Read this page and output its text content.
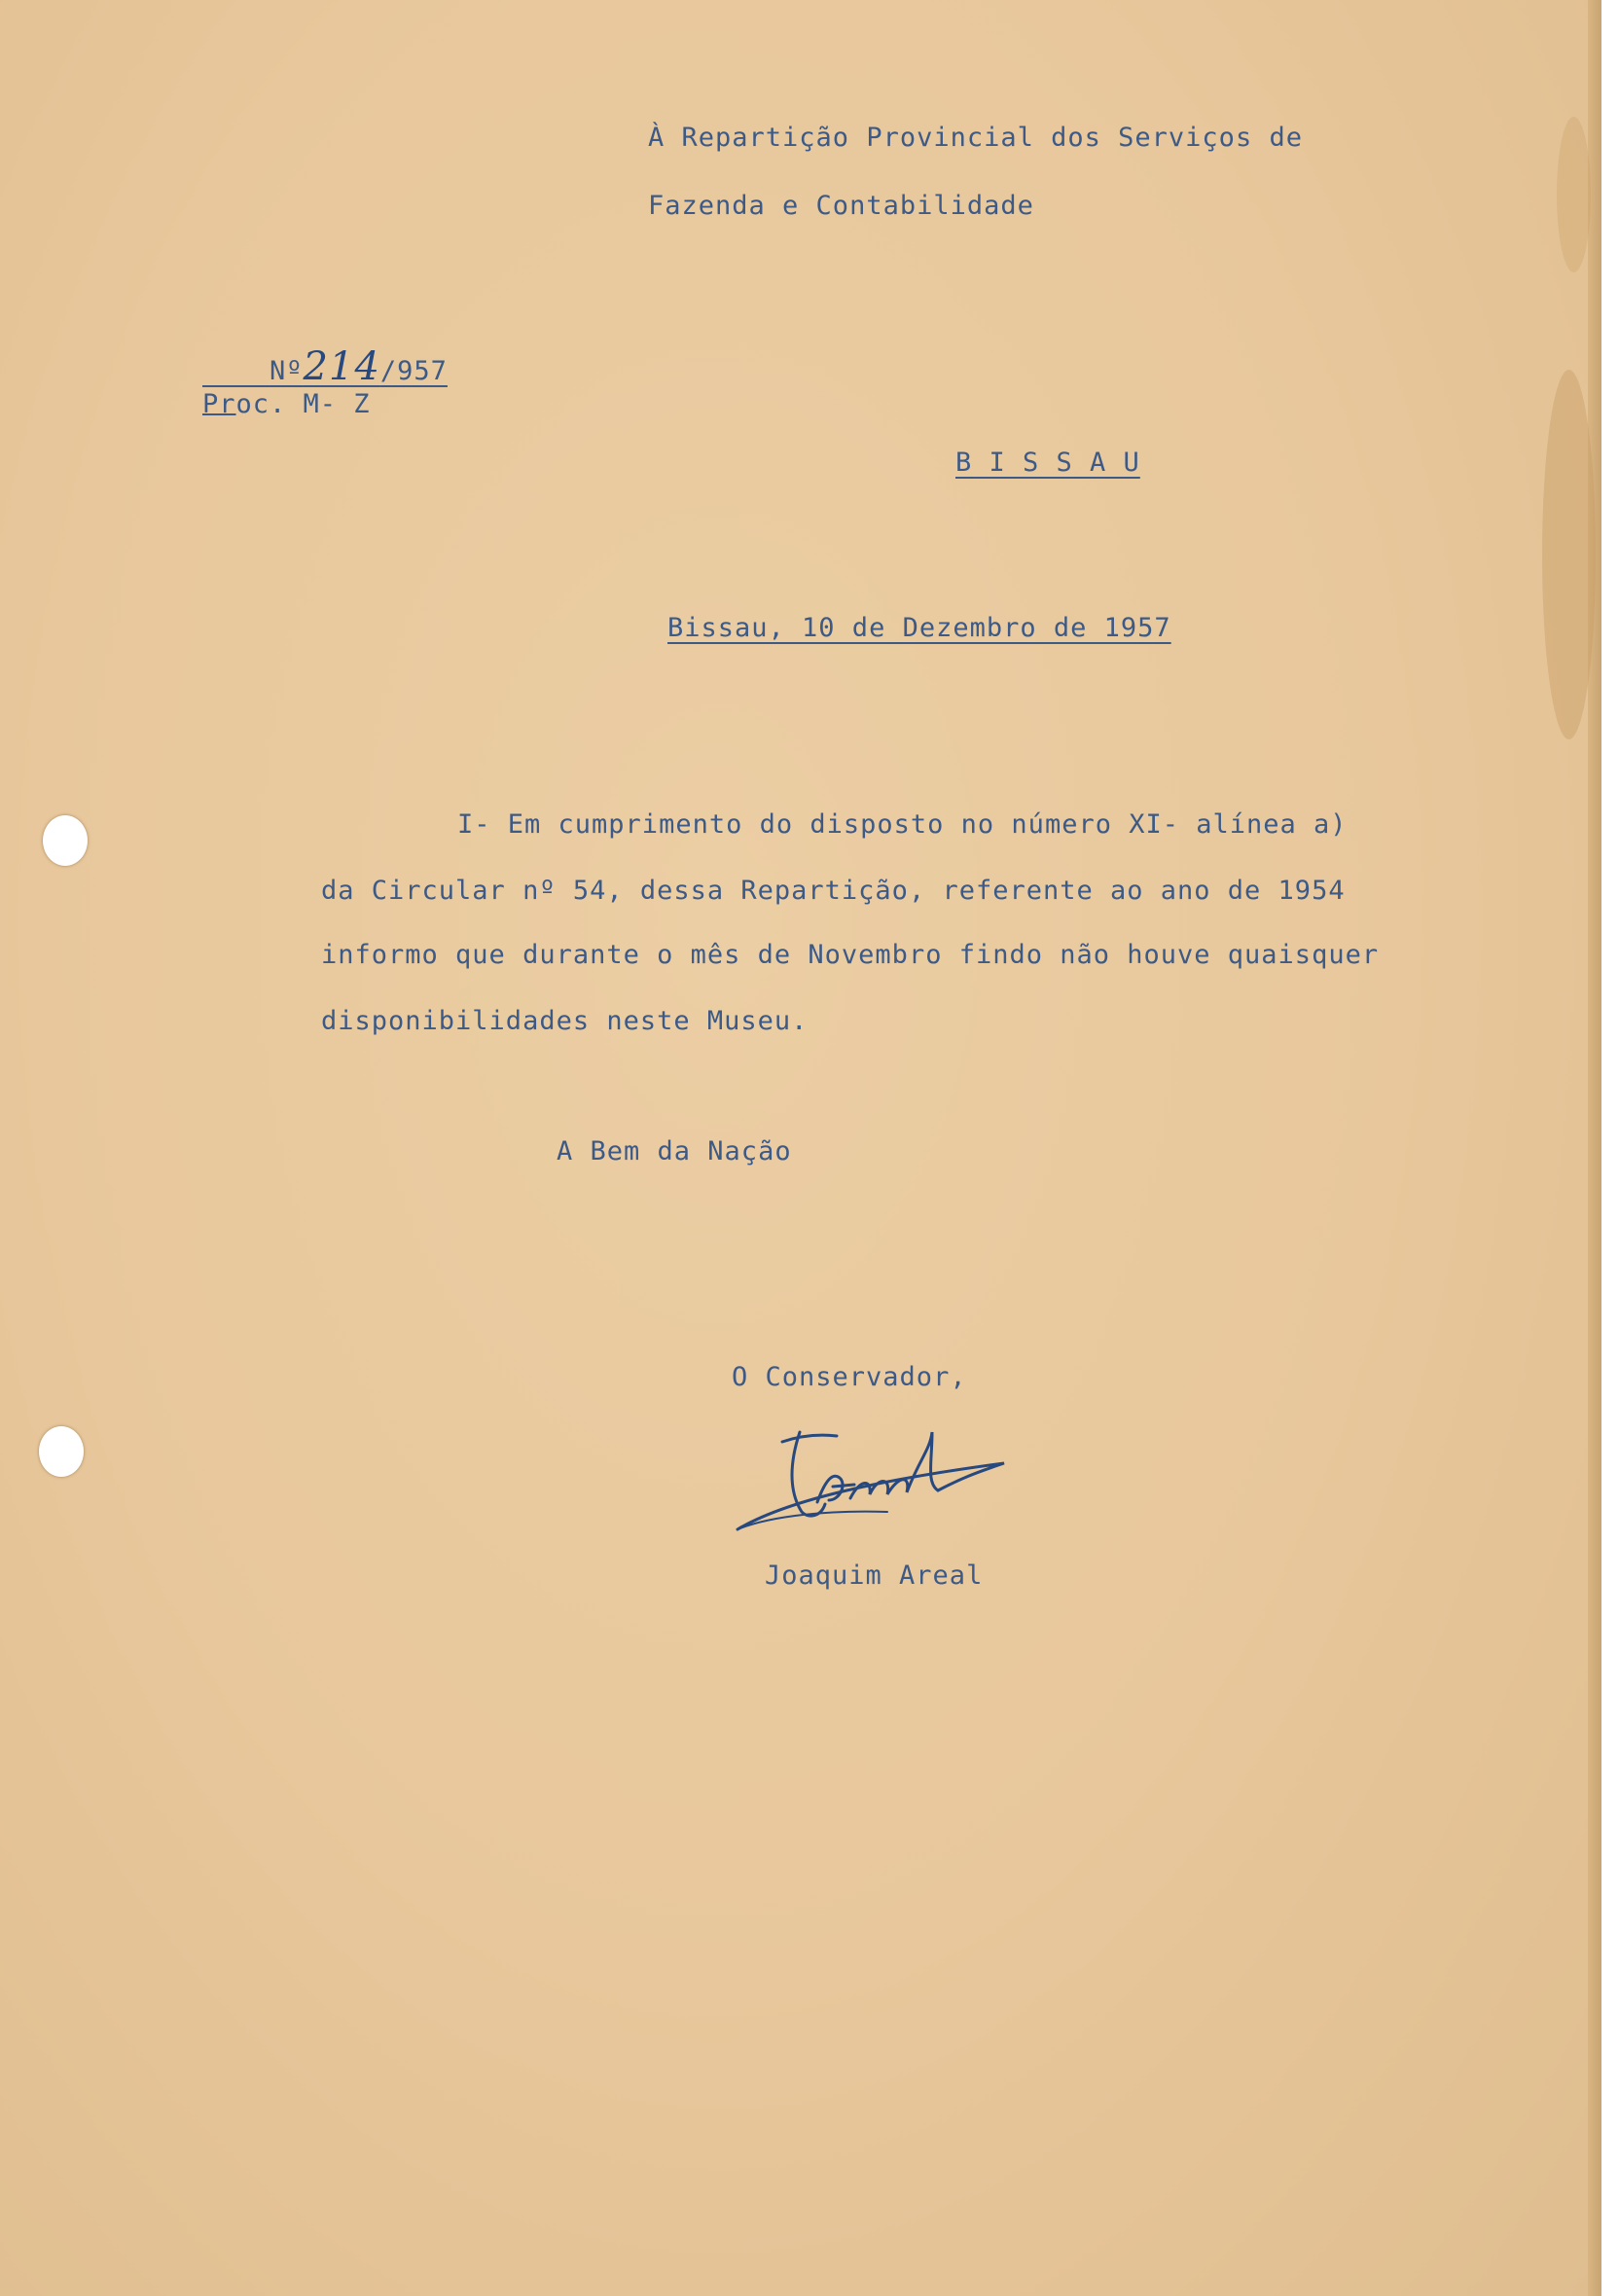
À Repartição Provincial dos Serviços de
Fazenda e Contabilidade

Nº214/957

Proc. M- Z
B I S S A U
Bissau, 10 de Dezembro de 1957
I- Em cumprimento do disposto no número XI- alínea a)
da Circular nº 54, dessa Repartição, referente ao ano de 1954
informo que durante o mês de Novembro findo não houve quaisquer
disponibilidades neste Museu.
A Bem da Nação
O Conservador,
Joaquim Areal
